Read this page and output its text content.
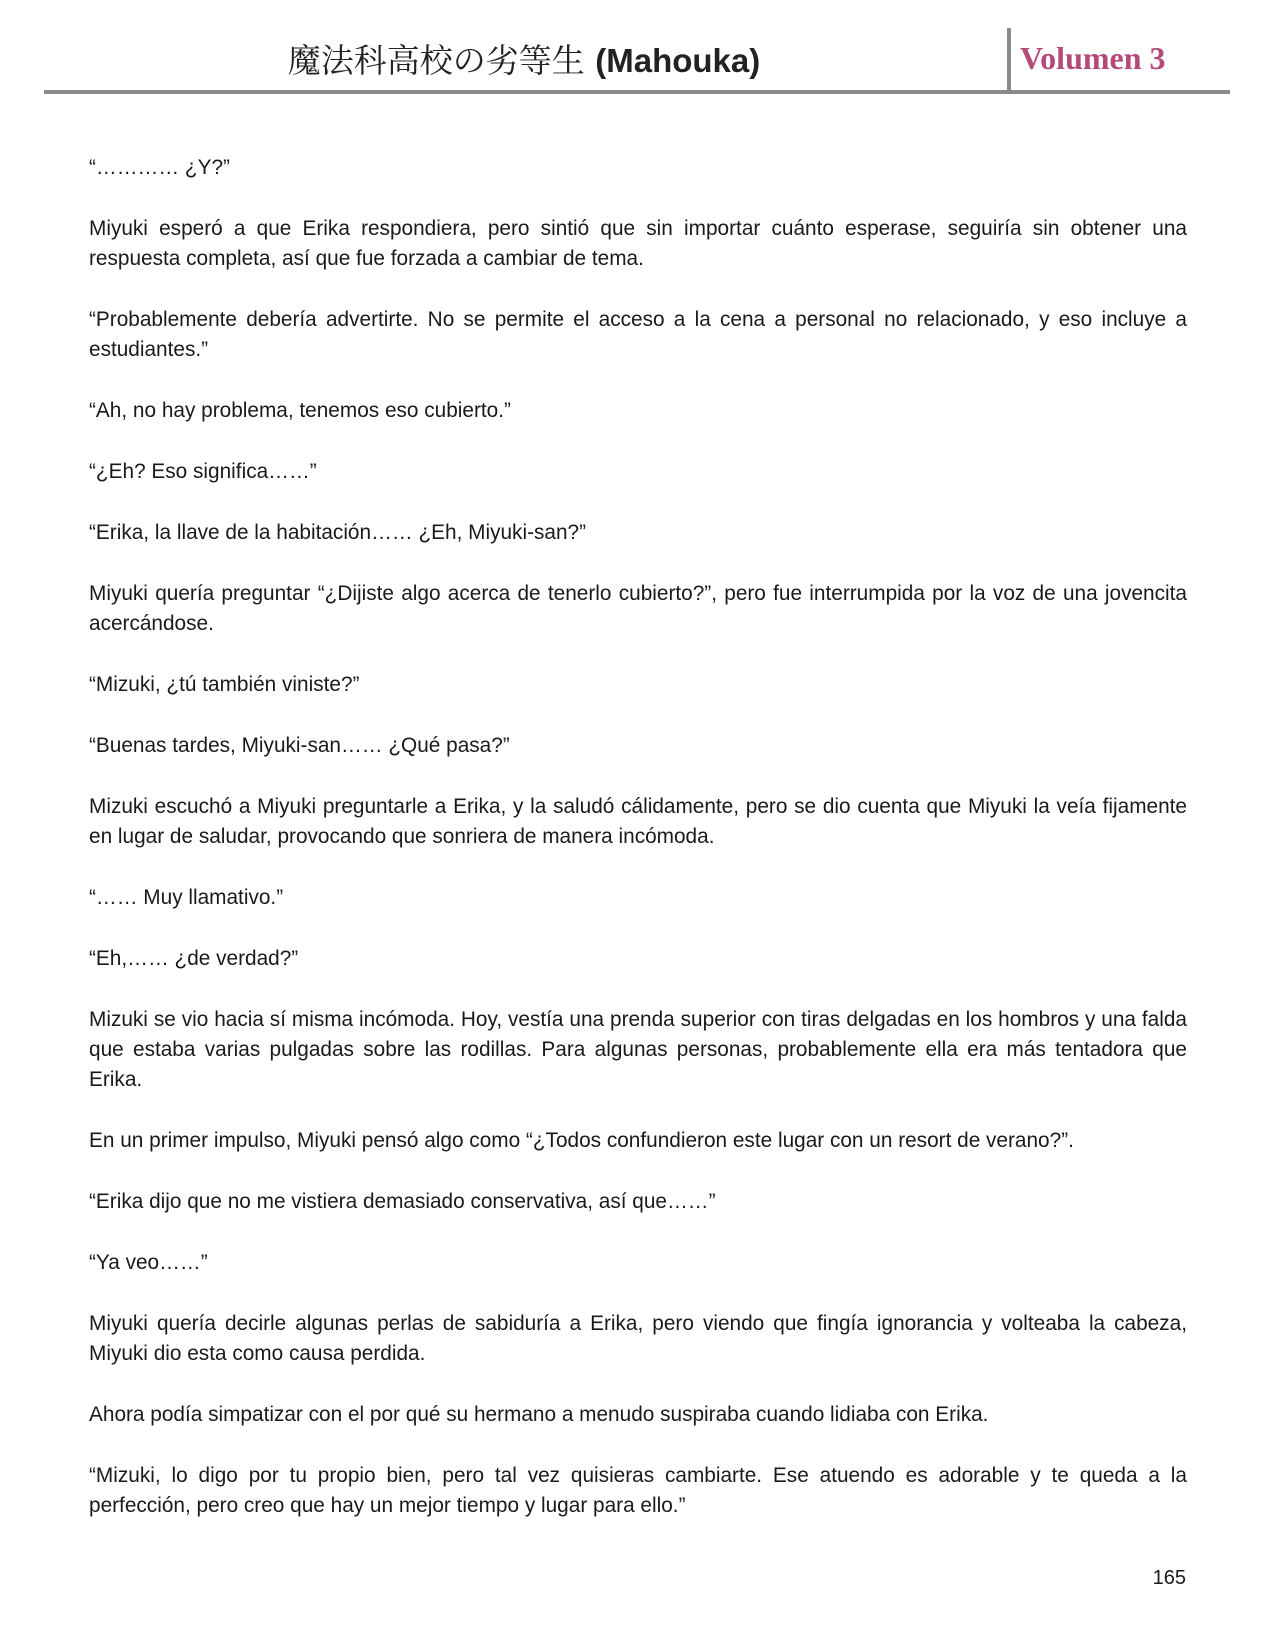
魔法科高校の劣等生 (Mahouka)	Volumen 3

“………… ¿Y?”

Miyuki esperó a que Erika respondiera, pero sintió que sin importar cuánto esperase, seguiría sin obtener una respuesta completa, así que fue forzada a cambiar de tema.

“Probablemente debería advertirte. No se permite el acceso a la cena a personal no relacionado, y eso incluye a estudiantes.”

“Ah, no hay problema, tenemos eso cubierto.”

“¿Eh? Eso significa……”

“Erika, la llave de la habitación…… ¿Eh, Miyuki-san?”

Miyuki quería preguntar “¿Dijiste algo acerca de tenerlo cubierto?”, pero fue interrumpida por la voz de una jovencita acercándose.

“Mizuki, ¿tú también viniste?”

“Buenas tardes, Miyuki-san…… ¿Qué pasa?”

Mizuki escuchó a Miyuki preguntarle a Erika, y la saludó cálidamente, pero se dio cuenta que Miyuki la veía fijamente en lugar de saludar, provocando que sonriera de manera incómoda.

“…… Muy llamativo.”

“Eh,…… ¿de verdad?”

Mizuki se vio hacia sí misma incómoda. Hoy, vestía una prenda superior con tiras delgadas en los hombros y una falda que estaba varias pulgadas sobre las rodillas. Para algunas personas, probablemente ella era más tentadora que Erika.

En un primer impulso, Miyuki pensó algo como “¿Todos confundieron este lugar con un resort de verano?”.

“Erika dijo que no me vistiera demasiado conservativa, así que……”

“Ya veo……”

Miyuki quería decirle algunas perlas de sabiduría a Erika, pero viendo que fingía ignorancia y volteaba la cabeza, Miyuki dio esta como causa perdida.

Ahora podía simpatizar con el por qué su hermano a menudo suspiraba cuando lidiaba con Erika.

“Mizuki, lo digo por tu propio bien, pero tal vez quisieras cambiarte. Ese atuendo es adorable y te queda a la perfección, pero creo que hay un mejor tiempo y lugar para ello.”

165
